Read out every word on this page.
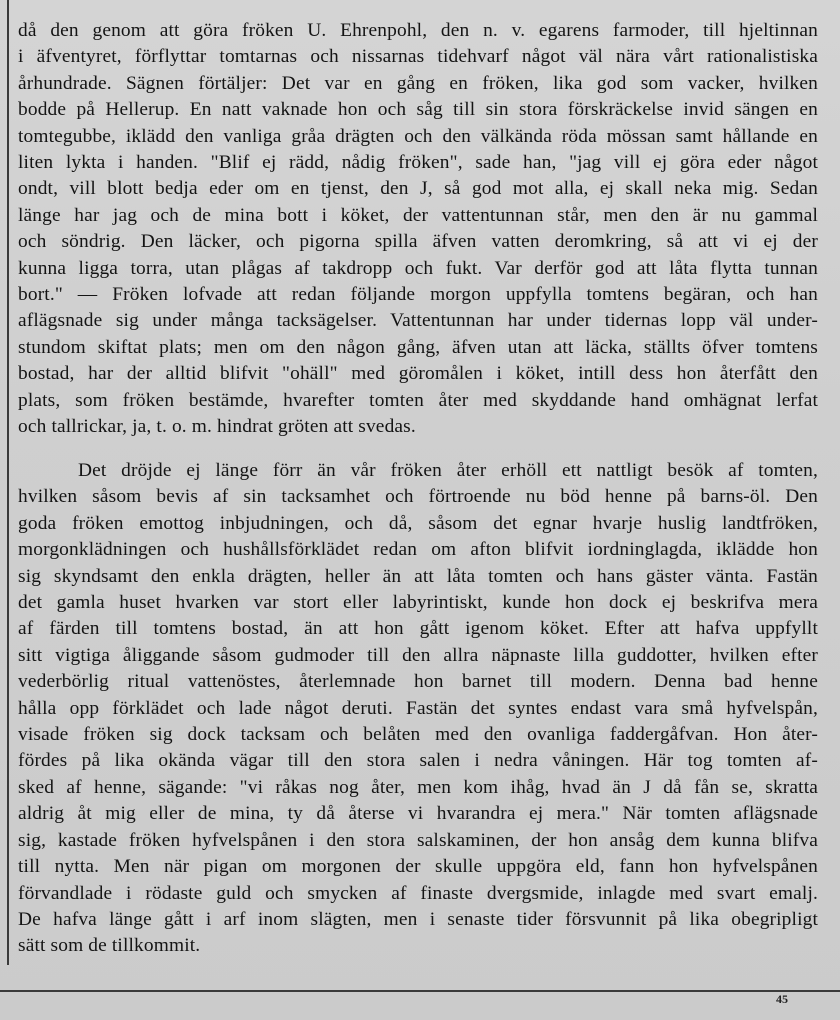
då den genom att göra fröken U. Ehrenpohl, den n. v. egarens farmoder, till hjeltinnan
i äfventyret, förflyttar tomtarnas och nissarnas tidehvarf något väl nära vårt rationalistiska
århundrade. Sägnen förtäljer: Det var en gång en fröken, lika god som vacker, hvilken
bodde på Hellerup. En natt vaknade hon och såg till sin stora förskräckelse invid sängen en
tomtegubbe, iklädd den vanliga gråa drägten och den välkända röda mössan samt hållande en
liten lykta i handen. "Blif ej rädd, nådig fröken", sade han, "jag vill ej göra eder något
ondt, vill blott bedja eder om en tjenst, den J, så god mot alla, ej skall neka mig. Sedan
länge har jag och de mina bott i köket, der vattentunnan står, men den är nu gammal
och söndrig. Den läcker, och pigorna spilla äfven vatten deromkring, så att vi ej der
kunna ligga torra, utan plågas af takdropp och fukt. Var derför god att låta flytta tunnan
bort." — Fröken lofvade att redan följande morgon uppfylla tomtens begäran, och han
aflägsnade sig under många tacksägelser. Vattentunnan har under tidernas lopp väl under-
stundom skiftat plats; men om den någon gång, äfven utan att läcka, ställts öfver tomtens
bostad, har der alltid blifvit "ohäll" med göromålen i köket, intill dess hon återfått den
plats, som fröken bestämde, hvarefter tomten åter med skyddande hand omhägnat lerfat
och tallrickar, ja, t. o. m. hindrat gröten att svedas.
Det dröjde ej länge förr än vår fröken åter erhöll ett nattligt besök af tomten,
hvilken såsom bevis af sin tacksamhet och förtroende nu böd henne på barns-öl. Den
goda fröken emottog inbjudningen, och då, såsom det egnar hvarje huslig landtfröken,
morgonklädningen och hushållsförklädet redan om afton blifvit iordninglagda, iklädde hon
sig skyndsamt den enkla drägten, heller än att låta tomten och hans gäster vänta. Fastän
det gamla huset hvarken var stort eller labyrintiskt, kunde hon dock ej beskrifva mera
af färden till tomtens bostad, än att hon gått igenom köket. Efter att hafva uppfyllt
sitt vigtiga åliggande såsom gudmoder till den allra näpnaste lilla guddotter, hvilken efter
vederbörlig ritual vattenöstes, återlemnade hon barnet till modern. Denna bad henne
hålla opp förklädet och lade något deruti. Fastän det syntes endast vara små hyfvelspån,
visade fröken sig dock tacksam och belåten med den ovanliga faddergåfvan. Hon åter-
fördes på lika okända vägar till den stora salen i nedra våningen. Här tog tomten af-
sked af henne, sägande: "vi råkas nog åter, men kom ihåg, hvad än J då fån se, skratta
aldrig åt mig eller de mina, ty då återse vi hvarandra ej mera." När tomten aflägsnade
sig, kastade fröken hyfvelspånen i den stora salskaminen, der hon ansåg dem kunna blifva
till nytta. Men när pigan om morgonen der skulle uppgöra eld, fann hon hyfvelspånen
förvandlade i rödaste guld och smycken af finaste dvergsmide, inlagde med svart emalj.
De hafva länge gått i arf inom slägten, men i senaste tider försvunnit på lika obegripligt
sätt som de tillkommit.
45
